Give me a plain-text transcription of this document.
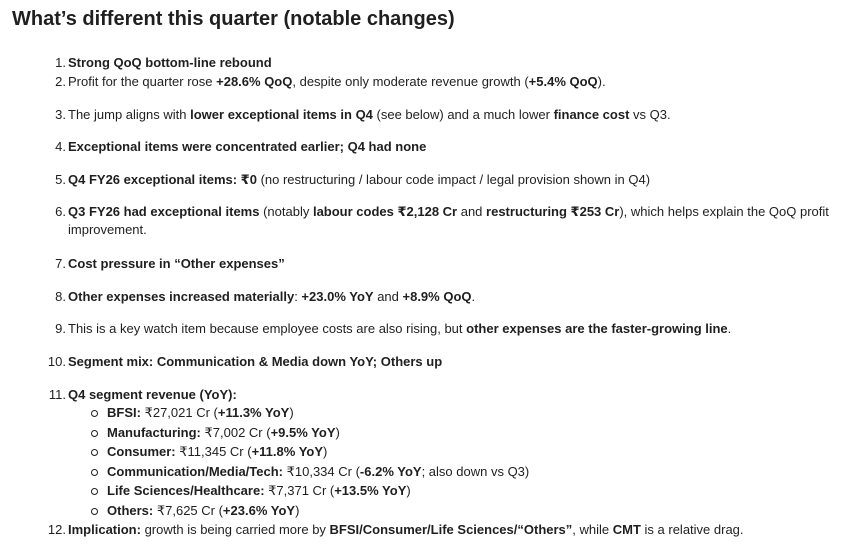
What’s different this quarter (notable changes)
1. Strong QoQ bottom-line rebound
2. Profit for the quarter rose +28.6% QoQ, despite only moderate revenue growth (+5.4% QoQ).
3. The jump aligns with lower exceptional items in Q4 (see below) and a much lower finance cost vs Q3.
4. Exceptional items were concentrated earlier; Q4 had none
5. Q4 FY26 exceptional items: ₹0 (no restructuring / labour code impact / legal provision shown in Q4)
6. Q3 FY26 had exceptional items (notably labour codes ₹2,128 Cr and restructuring ₹253 Cr), which helps explain the QoQ profit improvement.
7. Cost pressure in “Other expenses”
8. Other expenses increased materially: +23.0% YoY and +8.9% QoQ.
9. This is a key watch item because employee costs are also rising, but other expenses are the faster-growing line.
10. Segment mix: Communication & Media down YoY; Others up
11. Q4 segment revenue (YoY):
12. Implication: growth is being carried more by BFSI/Consumer/Life Sciences/“Others”, while CMT is a relative drag.
BFSI: ₹27,021 Cr (+11.3% YoY)
Manufacturing: ₹7,002 Cr (+9.5% YoY)
Consumer: ₹11,345 Cr (+11.8% YoY)
Communication/Media/Tech: ₹10,334 Cr (-6.2% YoY; also down vs Q3)
Life Sciences/Healthcare: ₹7,371 Cr (+13.5% YoY)
Others: ₹7,625 Cr (+23.6% YoY)
